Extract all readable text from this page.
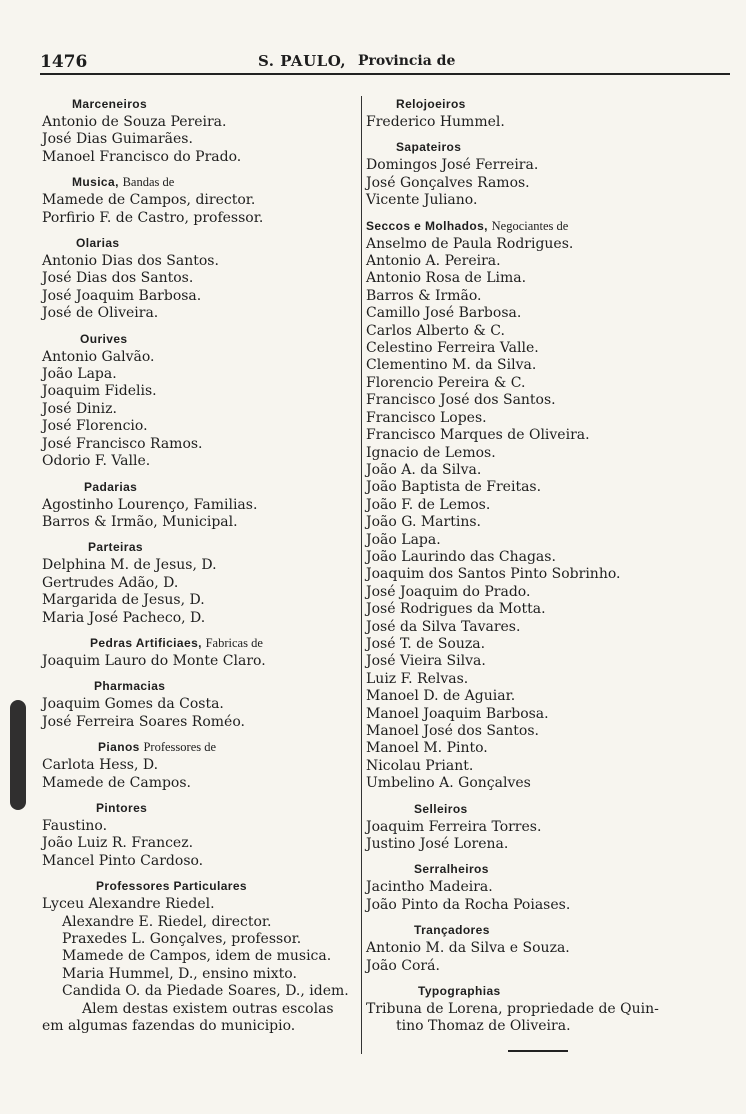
1476	S. PAULO, Provincia de
Marceneiros
Antonio de Souza Pereira.
José Dias Guimarães.
Manoel Francisco do Prado.
Musica, Bandas de
Mamede de Campos, director.
Porfirio F. de Castro, professor.
Olarias
Antonio Dias dos Santos.
José Dias dos Santos.
José Joaquim Barbosa.
José de Oliveira.
Ourives
Antonio Galvão.
João Lapa.
Joaquim Fidelis.
José Diniz.
José Florencio.
José Francisco Ramos.
Odorio F. Valle.
Padarias
Agostinho Lourenço, Familias.
Barros & Irmão, Municipal.
Parteiras
Delphina M. de Jesus, D.
Gertrudes Adão, D.
Margarida de Jesus, D.
Maria José Pacheco, D.
Pedras Artificiaes, Fabricas de
Joaquim Lauro do Monte Claro.
Pharmacias
Joaquim Gomes da Costa.
José Ferreira Soares Roméo.
Pianos Professores de
Carlota Hess, D.
Mamede de Campos.
Pintores
Faustino.
João Luiz R. Francez.
Mancel Pinto Cardoso.
Professores Particulares
Lyceu Alexandre Riedel.
Alexandre E. Riedel, director.
Praxedes L. Gonçalves, professor.
Mamede de Campos, idem de musica.
Maria Hummel, D., ensino mixto.
Candida O. da Piedade Soares, D., idem.
Alem destas existem outras escolas
em algumas fazendas do municipio.
Relojoeiros
Frederico Hummel.
Sapateiros
Domingos José Ferreira.
José Gonçalves Ramos.
Vicente Juliano.
Seccos e Molhados, Negociantes de
Anselmo de Paula Rodrigues.
Antonio A. Pereira.
Antonio Rosa de Lima.
Barros & Irmão.
Camillo José Barbosa.
Carlos Alberto & C.
Celestino Ferreira Valle.
Clementino M. da Silva.
Florencio Pereira & C.
Francisco José dos Santos.
Francisco Lopes.
Francisco Marques de Oliveira.
Ignacio de Lemos.
João A. da Silva.
João Baptista de Freitas.
João F. de Lemos.
João G. Martins.
João Lapa.
João Laurindo das Chagas.
Joaquim dos Santos Pinto Sobrinho.
José Joaquim do Prado.
José Rodrigues da Motta.
José da Silva Tavares.
José T. de Souza.
José Vieira Silva.
Luiz F. Relvas.
Manoel D. de Aguiar.
Manoel Joaquim Barbosa.
Manoel José dos Santos.
Manoel M. Pinto.
Nicolau Priant.
Umbelino A. Gonçalves
Selleiros
Joaquim Ferreira Torres.
Justino José Lorena.
Serralheiros
Jacintho Madeira.
João Pinto da Rocha Poiases.
Trançadores
Antonio M. da Silva e Souza.
João Corá.
Typographias
Tribuna de Lorena, propriedade de Quin-
tino Thomaz de Oliveira.
